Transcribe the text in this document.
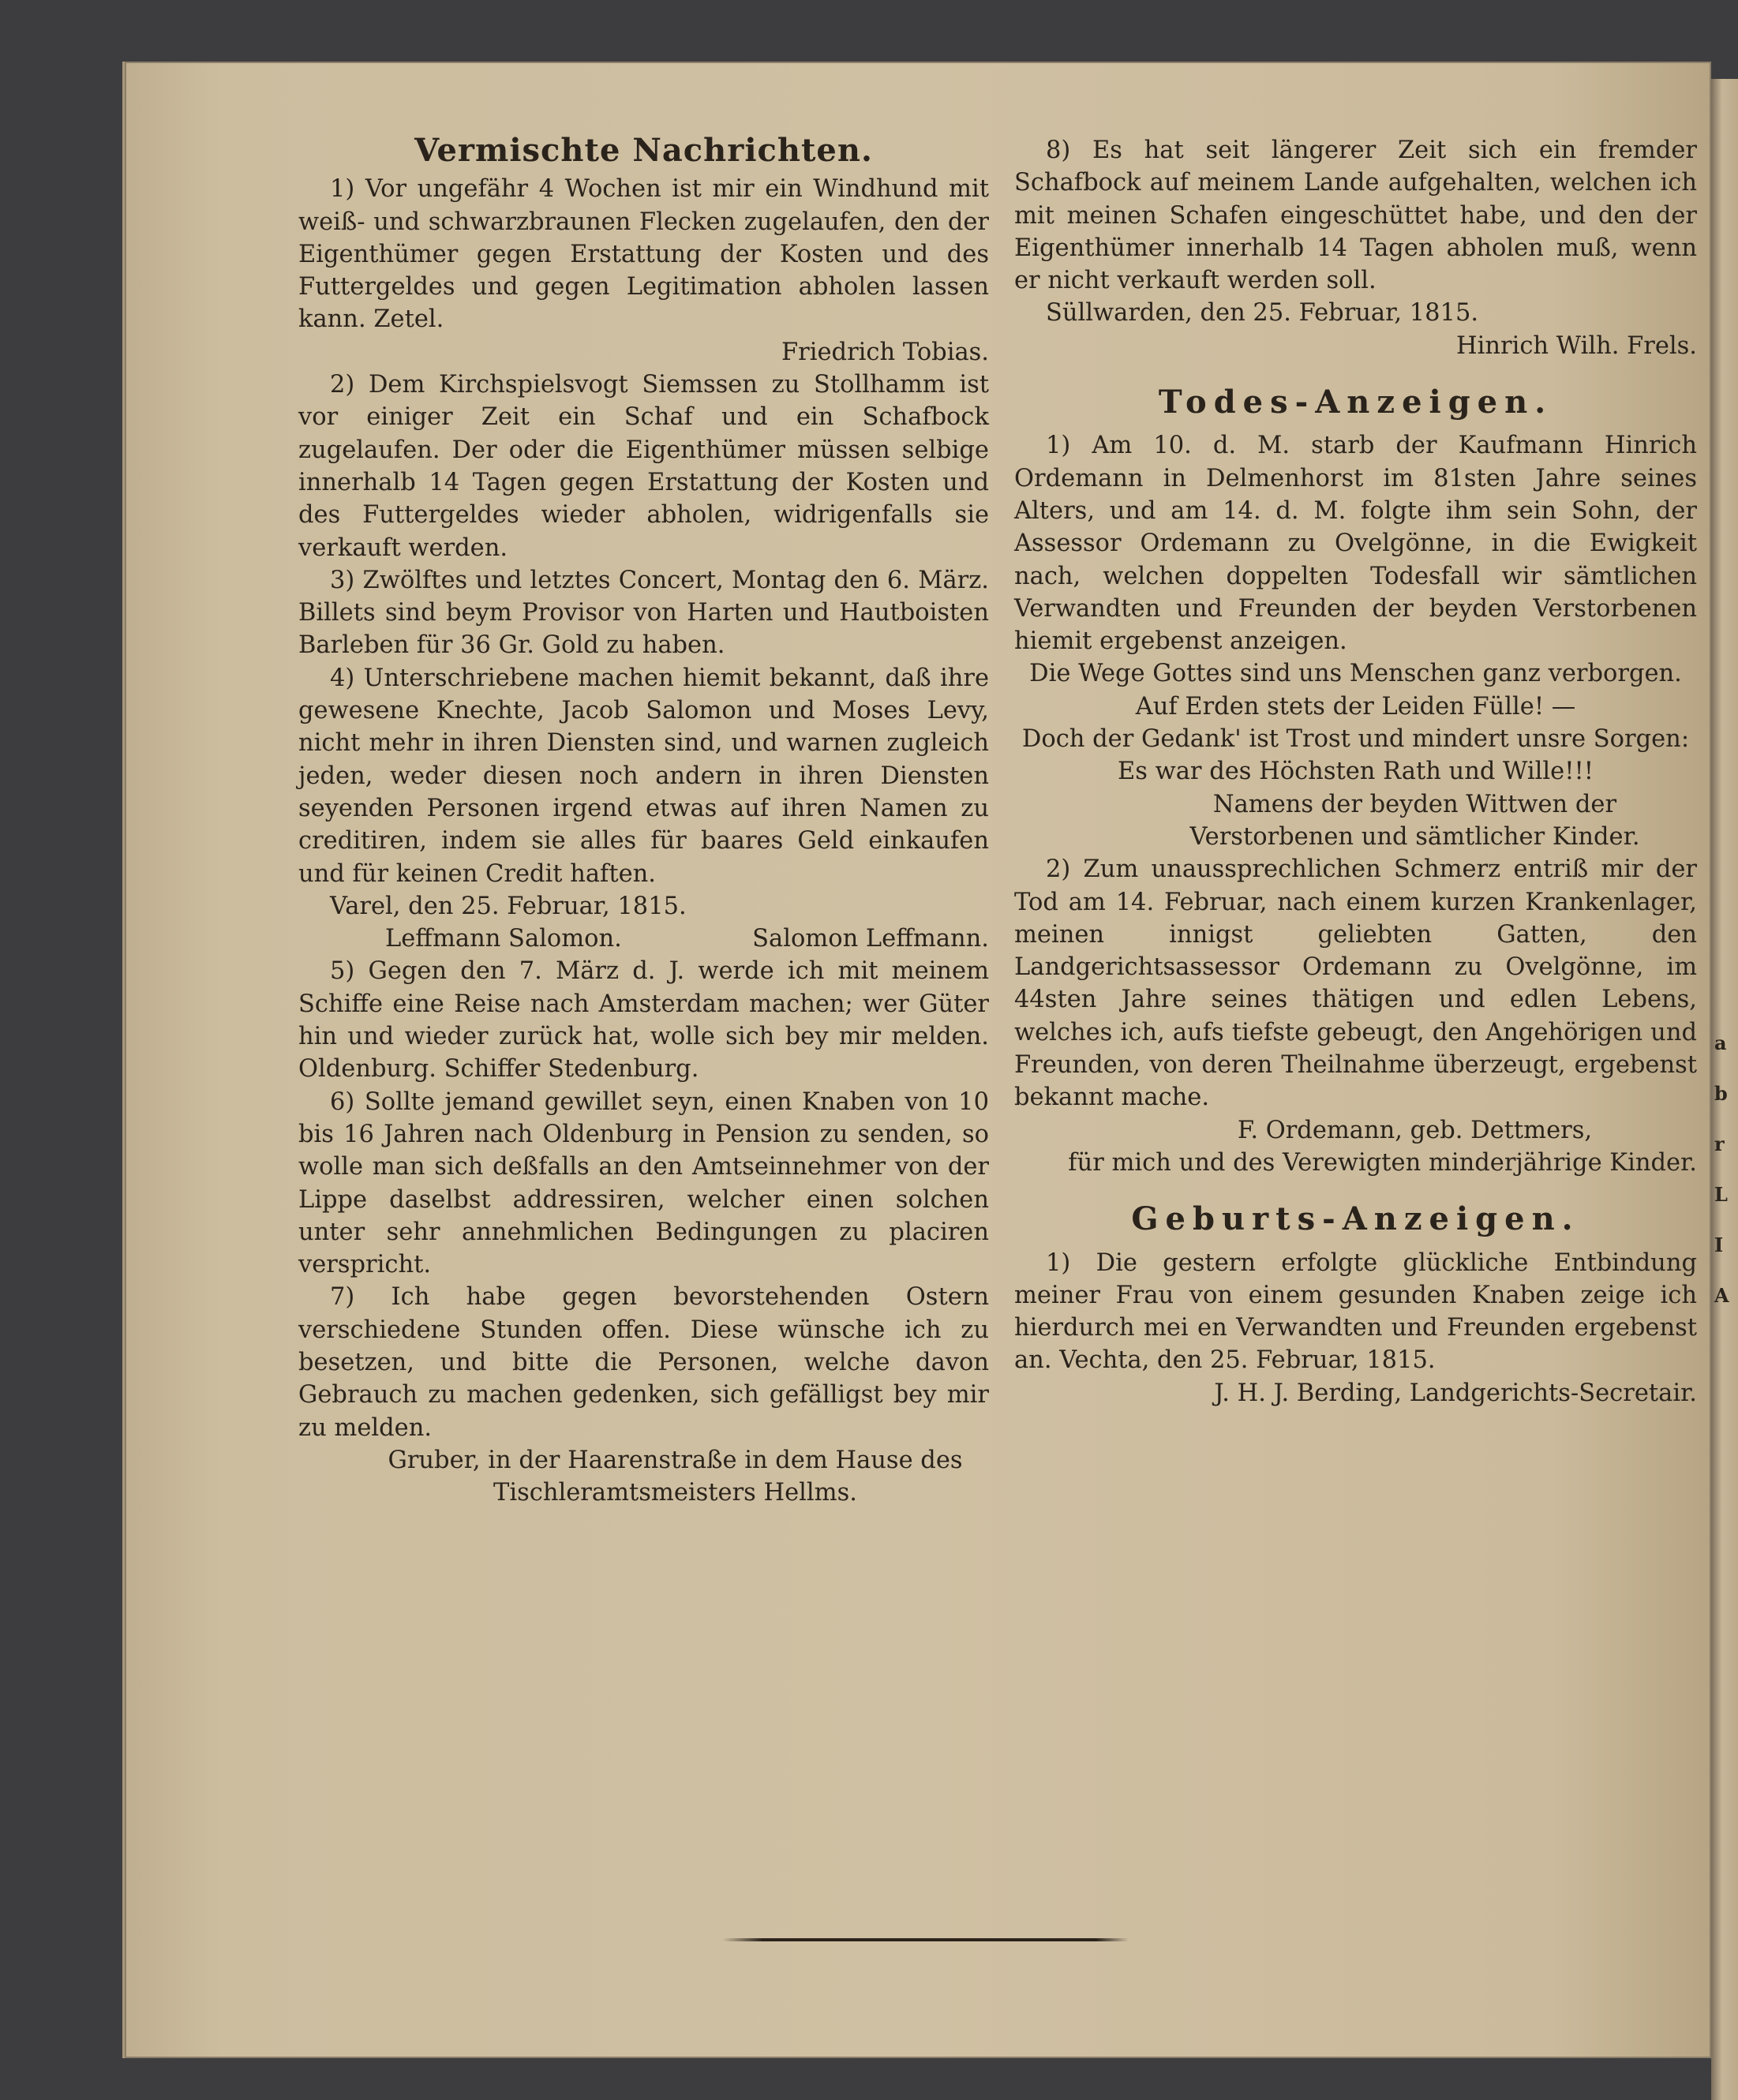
Vermischte Nachrichten.

1) Vor ungefähr 4 Wochen ist mir ein Windhund mit weiß- und schwarzbraunen Flecken zugelaufen, den der Eigenthümer gegen Erstattung der Kosten und des Futtergeldes und gegen Legitimation abholen lassen kann. Zetel.

Friedrich Tobias.

2) Dem Kirchspielsvogt Siemssen zu Stollhamm ist vor einiger Zeit ein Schaf und ein Schafbock zugelaufen. Der oder die Eigenthümer müssen selbige innerhalb 14 Tagen gegen Erstattung der Kosten und des Futtergeldes wieder abholen, widrigenfalls sie verkauft werden.

3) Zwölftes und letztes Concert, Montag den 6. März. Billets sind beym Provisor von Harten und Hautboisten Barleben für 36 Gr. Gold zu haben.

4) Unterschriebene machen hiemit bekannt, daß ihre gewesene Knechte, Jacob Salomon und Moses Levy, nicht mehr in ihren Diensten sind, und warnen zugleich jeden, weder diesen noch andern in ihren Diensten seyenden Personen irgend etwas auf ihren Namen zu creditiren, indem sie alles für baares Geld einkaufen und für keinen Credit haften.

Varel, den 25. Februar, 1815.

Leffmann Salomon.	Salomon Leffmann.

5) Gegen den 7. März d. J. werde ich mit meinem Schiffe eine Reise nach Amsterdam machen; wer Güter hin und wieder zurück hat, wolle sich bey mir melden. Oldenburg. Schiffer Stedenburg.

6) Sollte jemand gewillet seyn, einen Knaben von 10 bis 16 Jahren nach Oldenburg in Pension zu senden, so wolle man sich deßfalls an den Amtseinnehmer von der Lippe daselbst addressiren, welcher einen solchen unter sehr annehmlichen Bedingungen zu placiren verspricht.

7) Ich habe gegen bevorstehenden Ostern verschiedene Stunden offen. Diese wünsche ich zu besetzen, und bitte die Personen, welche davon Gebrauch zu machen gedenken, sich gefälligst bey mir zu melden.

Gruber, in der Haarenstraße in dem Hause des Tischleramtsmeisters Hellms.

8) Es hat seit längerer Zeit sich ein fremder Schafbock auf meinem Lande aufgehalten, welchen ich mit meinen Schafen eingeschüttet habe, und den der Eigenthümer innerhalb 14 Tagen abholen muß, wenn er nicht verkauft werden soll.

Süllwarden, den 25. Februar, 1815.

Hinrich Wilh. Frels.

Todes-Anzeigen.

1) Am 10. d. M. starb der Kaufmann Hinrich Ordemann in Delmenhorst im 81sten Jahre seines Alters, und am 14. d. M. folgte ihm sein Sohn, der Assessor Ordemann zu Ovelgönne, in die Ewigkeit nach, welchen doppelten Todesfall wir sämtlichen Verwandten und Freunden der beyden Verstorbenen hiemit ergebenst anzeigen.

Die Wege Gottes sind uns Menschen ganz verborgen.

Auf Erden stets der Leiden Fülle! —

Doch der Gedank' ist Trost und mindert unsre Sorgen:

Es war des Höchsten Rath und Wille!!!

Namens der beyden Wittwen der Verstorbenen und sämtlicher Kinder.

2) Zum unaussprechlichen Schmerz entriß mir der Tod am 14. Februar, nach einem kurzen Krankenlager, meinen innigst geliebten Gatten, den Landgerichtsassessor Ordemann zu Ovelgönne, im 44sten Jahre seines thätigen und edlen Lebens, welches ich, aufs tiefste gebeugt, den Angehörigen und Freunden, von deren Theilnahme überzeugt, ergebenst bekannt mache.

F. Ordemann, geb. Dettmers,

für mich und des Verewigten minderjährige Kinder.

Geburts-Anzeigen.

1) Die gestern erfolgte glückliche Entbindung meiner Frau von einem gesunden Knaben zeige ich hierdurch mei en Verwandten und Freunden ergebenst an. Vechta, den 25. Februar, 1815.

J. H. J. Berding, Landgerichts-Secretair.

a
b
r
L
I
A
